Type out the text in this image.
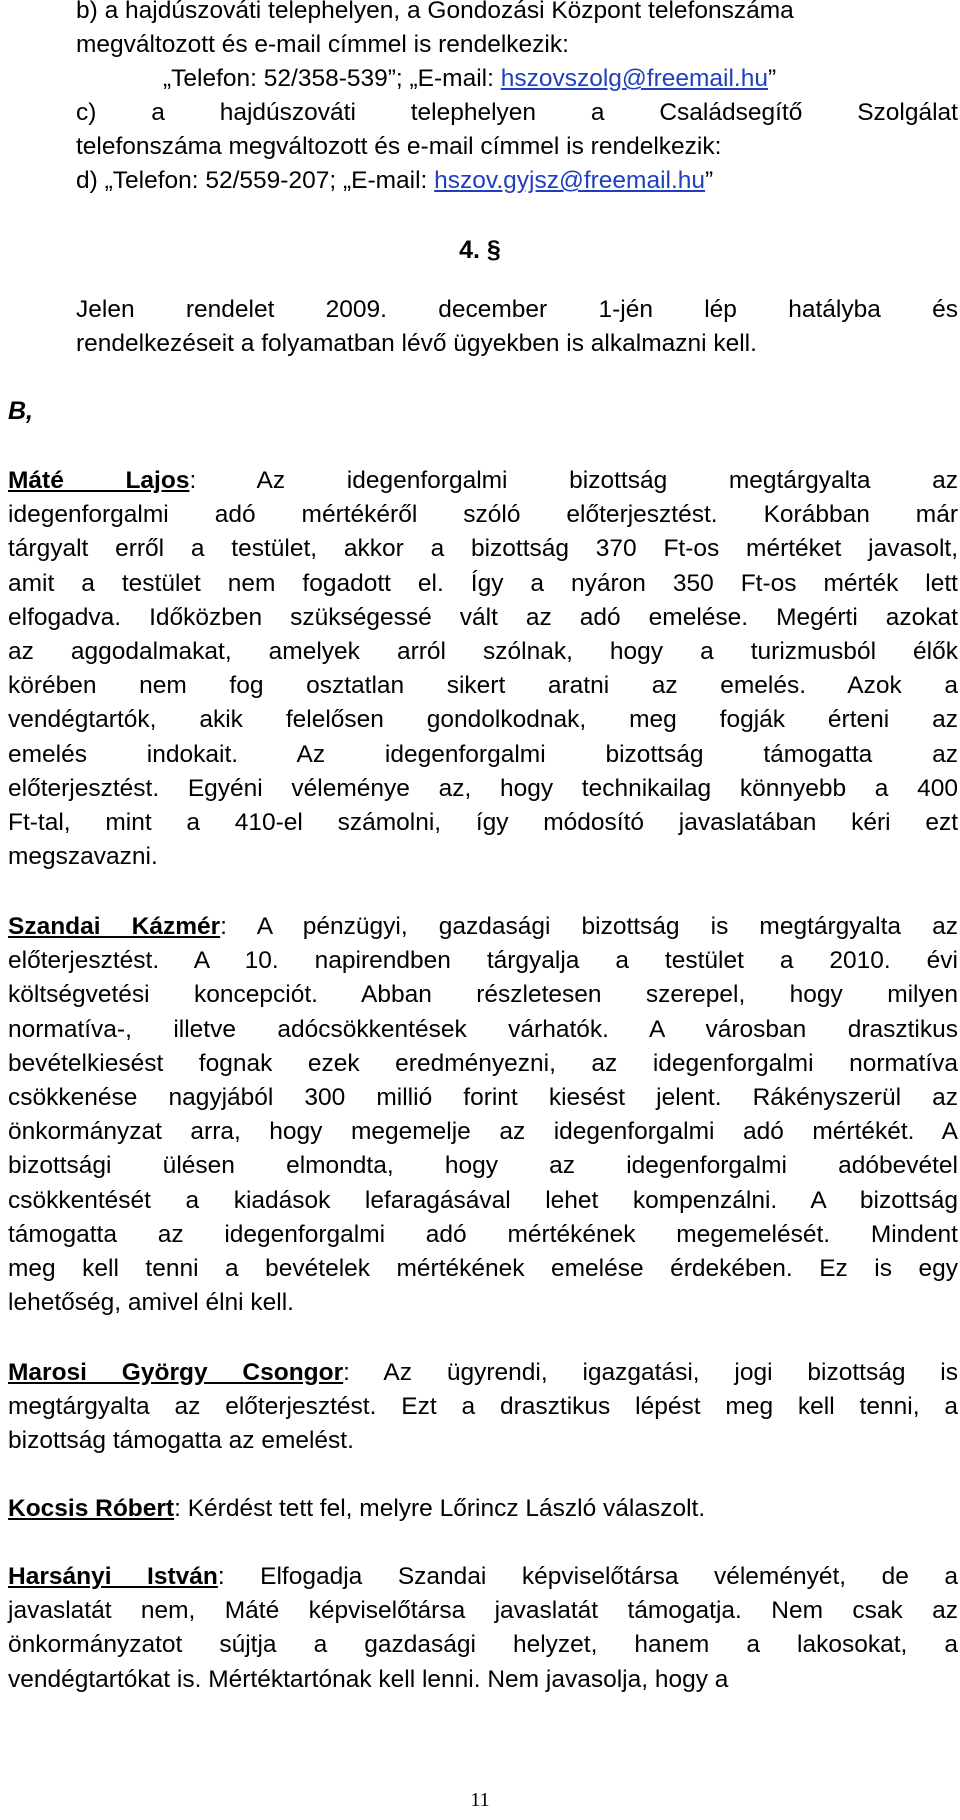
b) a hajdúszováti telephelyen, a Gondozási Központ telefonszáma
megváltozott és e-mail címmel is rendelkezik:
„Telefon: 52/358-539”; „E-mail: hszovszolg@freemail.hu”
c) a hajdúszováti telephelyen a Családsegítő Szolgálat
telefonszáma megváltozott és e-mail címmel is rendelkezik:
d) „Telefon: 52/559-207; „E-mail: hszov.gyjsz@freemail.hu”
4. §
Jelen rendelet 2009. december 1-jén lép hatályba és
rendelkezéseit a folyamatban lévő ügyekben is alkalmazni kell.
B,
Máté Lajos: Az idegenforgalmi bizottság megtárgyalta az
idegenforgalmi adó mértékéről szóló előterjesztést. Korábban már
tárgyalt erről a testület, akkor a bizottság 370 Ft-os mértéket javasolt,
amit a testület nem fogadott el. Így a nyáron 350 Ft-os mérték lett
elfogadva. Időközben szükségessé vált az adó emelése. Megérti azokat
az aggodalmakat, amelyek arról szólnak, hogy a turizmusból élők
körében nem fog osztatlan sikert aratni az emelés. Azok a
vendégtartók, akik felelősen gondolkodnak, meg fogják érteni az
emelés indokait. Az idegenforgalmi bizottság támogatta az
előterjesztést. Egyéni véleménye az, hogy technikailag könnyebb a 400
Ft-tal, mint a 410-el számolni, így módosító javaslatában kéri ezt
megszavazni.
Szandai Kázmér: A pénzügyi, gazdasági bizottság is megtárgyalta az
előterjesztést. A 10. napirendben tárgyalja a testület a 2010. évi
költségvetési koncepciót. Abban részletesen szerepel, hogy milyen
normatíva-, illetve adócsökkentések várhatók. A városban drasztikus
bevételkiesést fognak ezek eredményezni, az idegenforgalmi normatíva
csökkenése nagyjából 300 millió forint kiesést jelent. Rákényszerül az
önkormányzat arra, hogy megemelje az idegenforgalmi adó mértékét. A
bizottsági ülésen elmondta, hogy az idegenforgalmi adóbevétel
csökkentését a kiadások lefaragásával lehet kompenzálni. A bizottság
támogatta az idegenforgalmi adó mértékének megemelését. Mindent
meg kell tenni a bevételek mértékének emelése érdekében. Ez is egy
lehetőség, amivel élni kell.
Marosi György Csongor: Az ügyrendi, igazgatási, jogi bizottság is
megtárgyalta az előterjesztést. Ezt a drasztikus lépést meg kell tenni, a
bizottság támogatta az emelést.
Kocsis Róbert: Kérdést tett fel, melyre Lőrincz László válaszolt.
Harsányi István: Elfogadja Szandai képviselőtársa véleményét, de a
javaslatát nem, Máté képviselőtársa javaslatát támogatja. Nem csak az
önkormányzatot sújtja a gazdasági helyzet, hanem a lakosokat, a
vendégtartókat is. Mértéktartónak kell lenni. Nem javasolja, hogy a
11
